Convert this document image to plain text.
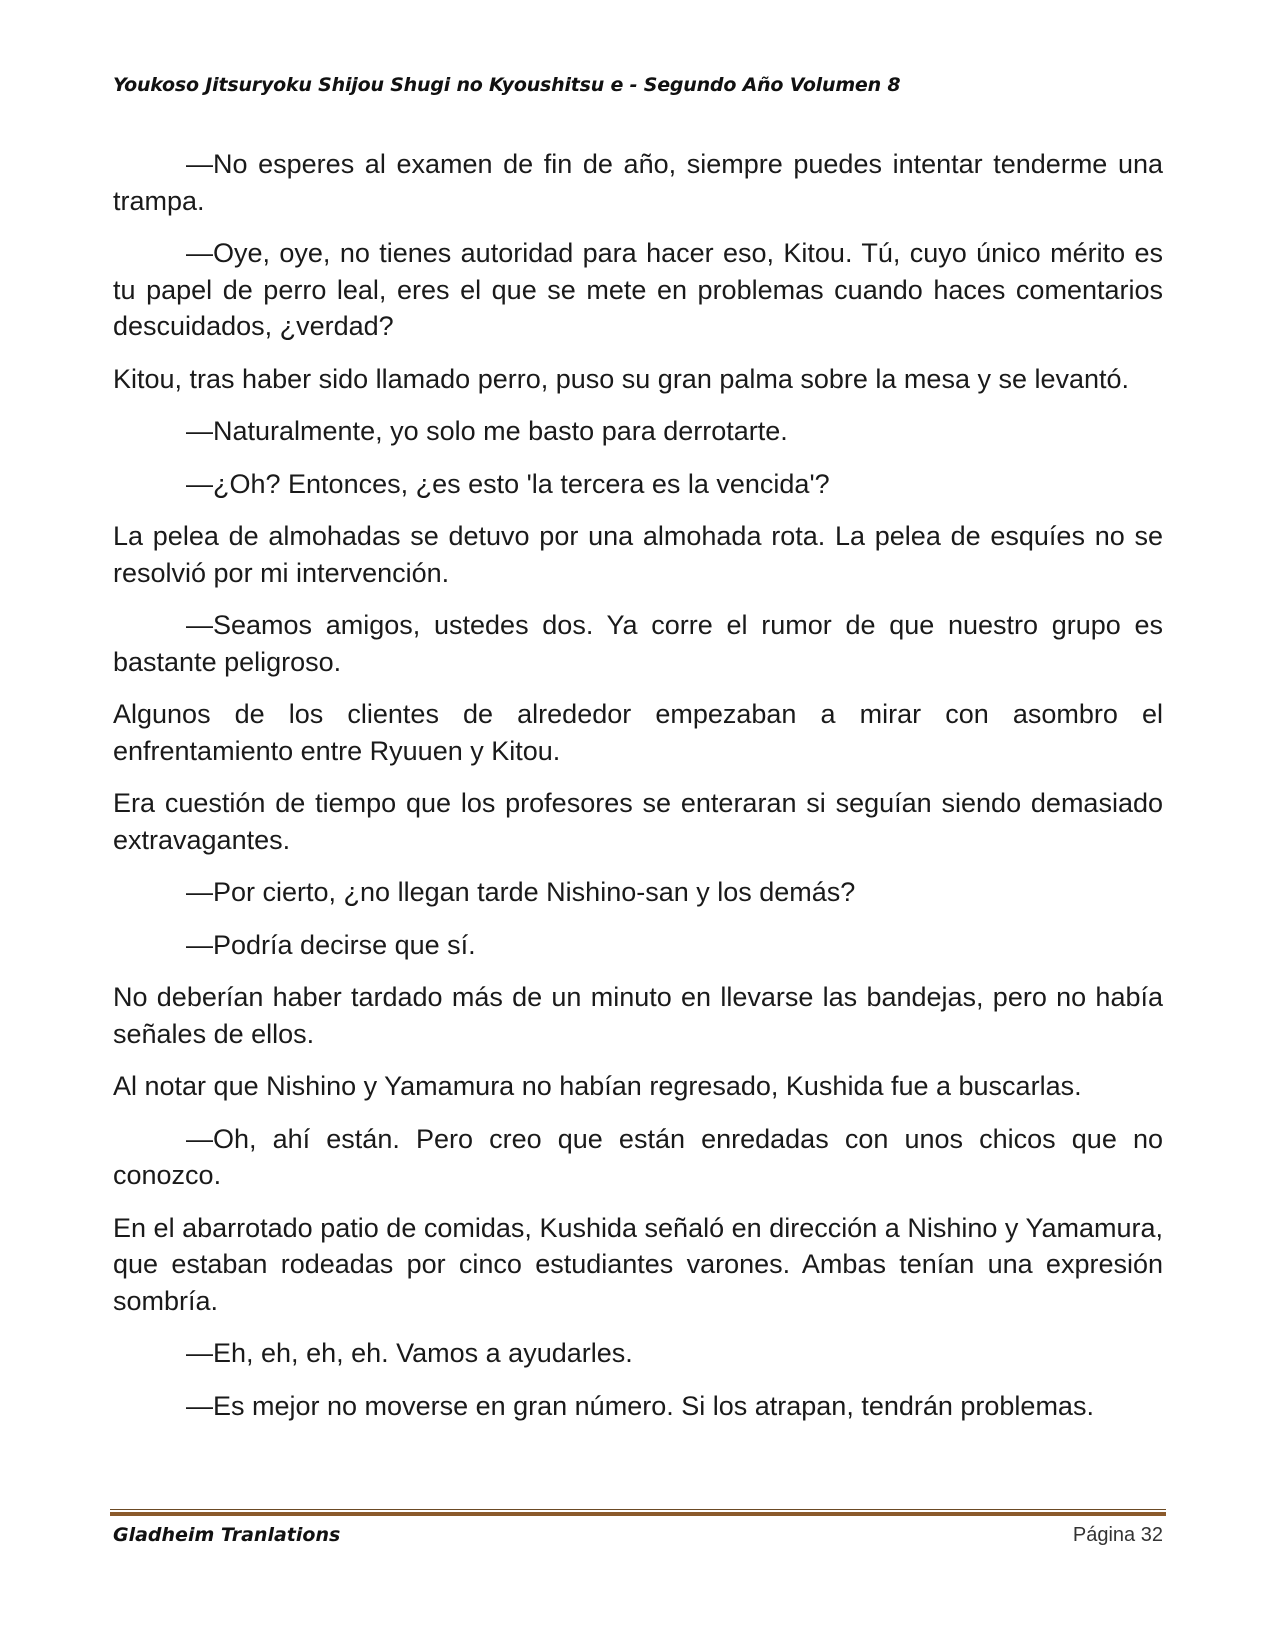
Youkoso Jitsuryoku Shijou Shugi no Kyoushitsu e - Segundo Año Volumen 8

—No esperes al examen de fin de año, siempre puedes intentar tenderme una trampa.

—Oye, oye, no tienes autoridad para hacer eso, Kitou. Tú, cuyo único mérito es tu papel de perro leal, eres el que se mete en problemas cuando haces comentarios descuidados, ¿verdad?

Kitou, tras haber sido llamado perro, puso su gran palma sobre la mesa y se levantó.

—Naturalmente, yo solo me basto para derrotarte.

—¿Oh? Entonces, ¿es esto 'la tercera es la vencida'?

La pelea de almohadas se detuvo por una almohada rota. La pelea de esquíes no se resolvió por mi intervención.

—Seamos amigos, ustedes dos. Ya corre el rumor de que nuestro grupo es bastante peligroso.

Algunos de los clientes de alrededor empezaban a mirar con asombro el enfrentamiento entre Ryuuen y Kitou.

Era cuestión de tiempo que los profesores se enteraran si seguían siendo demasiado extravagantes.

—Por cierto, ¿no llegan tarde Nishino-san y los demás?

—Podría decirse que sí.

No deberían haber tardado más de un minuto en llevarse las bandejas, pero no había señales de ellos.

Al notar que Nishino y Yamamura no habían regresado, Kushida fue a buscarlas.

—Oh, ahí están. Pero creo que están enredadas con unos chicos que no conozco.

En el abarrotado patio de comidas, Kushida señaló en dirección a Nishino y Yamamura, que estaban rodeadas por cinco estudiantes varones. Ambas tenían una expresión sombría.

—Eh, eh, eh, eh. Vamos a ayudarles.

—Es mejor no moverse en gran número. Si los atrapan, tendrán problemas.

Gladheim Tranlations	Página 32
